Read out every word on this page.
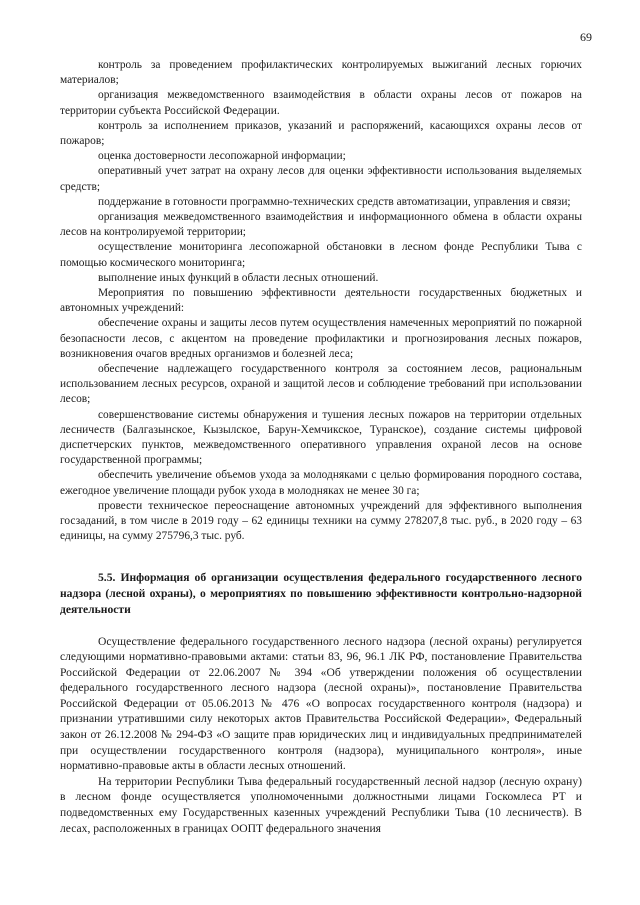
69

контроль за проведением профилактических контролируемых выжиганий лесных горючих материалов;

организация межведомственного взаимодействия в области охраны лесов от пожаров на территории субъекта Российской Федерации.

контроль за исполнением приказов, указаний и распоряжений, касающихся охраны лесов от пожаров;

оценка достоверности лесопожарной информации;

оперативный учет затрат на охрану лесов для оценки эффективности использования выделяемых средств;

поддержание в готовности программно-технических средств автоматизации, управления и связи;

организация межведомственного взаимодействия и информационного обмена в области охраны лесов на контролируемой территории;

осуществление мониторинга лесопожарной обстановки в лесном фонде Республики Тыва с помощью космического мониторинга;

выполнение иных функций в области лесных отношений.

Мероприятия по повышению эффективности деятельности государственных бюджетных и автономных учреждений:

обеспечение охраны и защиты лесов путем осуществления намеченных мероприятий по пожарной безопасности лесов, с акцентом на проведение профилактики и прогнозирования лесных пожаров, возникновения очагов вредных организмов и болезней леса;

обеспечение надлежащего государственного контроля за состоянием лесов, рациональным использованием лесных ресурсов, охраной и защитой лесов и соблюдение требований при использовании лесов;

совершенствование системы обнаружения и тушения лесных пожаров на территории отдельных лесничеств (Балгазынское, Кызылское, Барун-Хемчикское, Туранское), создание системы цифровой диспетчерских пунктов, межведомственного оперативного управления охраной лесов на основе государственной программы;

обеспечить увеличение объемов ухода за молодняками с целью формирования породного состава, ежегодное увеличение площади рубок ухода в молодняках не менее 30 га;

провести техническое переоснащение автономных учреждений для эффективного выполнения госзаданий, в том числе в 2019 году – 62 единицы техники на сумму 278207,8 тыс. руб., в 2020 году – 63 единицы, на сумму 275796,3 тыс. руб.

5.5. Информация об организации осуществления федерального государственного лесного надзора (лесной охраны), о мероприятиях по повышению эффективности контрольно-надзорной деятельности

Осуществление федерального государственного лесного надзора (лесной охраны) регулируется следующими нормативно-правовыми актами: статьи 83, 96, 96.1 ЛК РФ, постановление Правительства Российской Федерации от 22.06.2007 № 394 «Об утверждении положения об осуществлении федерального государственного лесного надзора (лесной охраны)», постановление Правительства Российской Федерации от 05.06.2013 № 476 «О вопросах государственного контроля (надзора) и признании утратившими силу некоторых актов Правительства Российской Федерации», Федеральный закон от 26.12.2008 № 294-ФЗ «О защите прав юридических лиц и индивидуальных предпринимателей при осуществлении государственного контроля (надзора), муниципального контроля», иные нормативно-правовые акты в области лесных отношений.

На территории Республики Тыва федеральный государственный лесной надзор (лесную охрану) в лесном фонде осуществляется уполномоченными должностными лицами Госкомлеса РТ и подведомственных ему Государственных казенных учреждений Республики Тыва (10 лесничеств). В лесах, расположенных в границах ООПТ федерального значения
